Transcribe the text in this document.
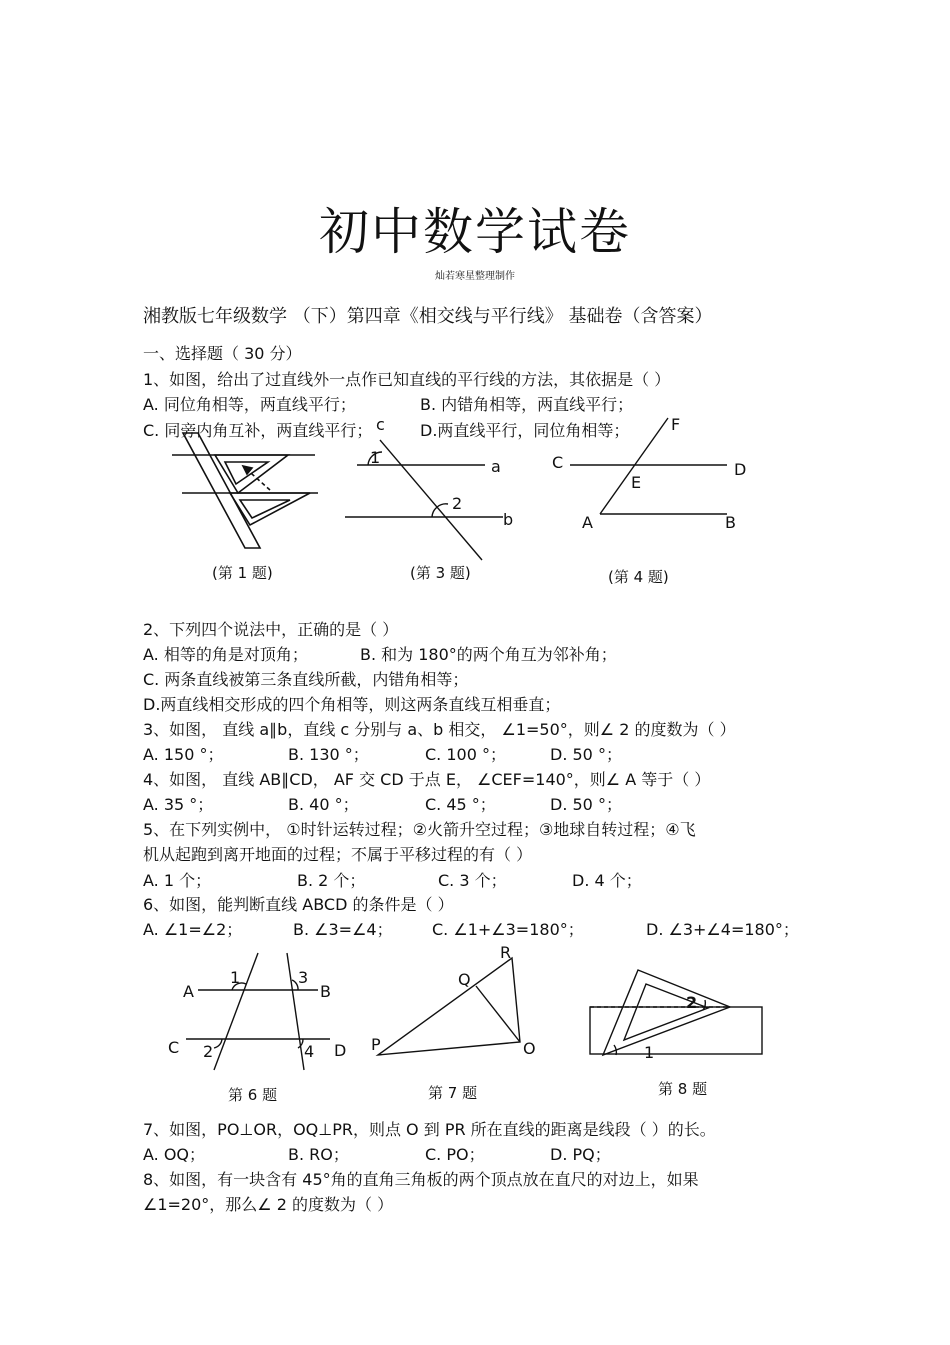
初中数学试卷
灿若寒星整理制作
湘教版七年级数学 （下）第四章《相交线与平行线》 基础卷（含答案）
一、选择题（ 30 分）
1、如图，给出了过直线外一点作已知直线的平行线的方法，其依据是（ ）
A. 同位角相等，两直线平行；	B. 内错角相等，两直线平行；
C. 同旁内角互补，两直线平行；	D.两直线平行，同位角相等；
(第 1 题)
c
1	a
2
b
(第 3 题)
F
C	D
E
A	B
(第 4 题)
2、下列四个说法中，正确的是（ ）
A. 相等的角是对顶角；	B. 和为 180°的两个角互为邻补角；
C. 两条直线被第三条直线所截，内错角相等；
D.两直线相交形成的四个角相等，则这两条直线互相垂直；
3、如图， 直线 a∥b，直线 c 分别与 a、b 相交， ∠1=50°，则∠ 2 的度数为（ ）
A. 150 °；	B. 130 °；	C. 100 °；	D. 50 °；
4、如图， 直线 AB∥CD， AF 交 CD 于点 E， ∠CEF=140°，则∠ A 等于（ ）
A. 35 °；	B. 40 °；	C. 45 °；	D. 50 °；
5、在下列实例中， ①时针运转过程；②火箭升空过程；③地球自转过程；④飞
机从起跑到离开地面的过程；不属于平移过程的有（ ）
A. 1 个；	B. 2 个；	C. 3 个；	D. 4 个；
6、如图，能判断直线 ABCD 的条件是（ ）
A. ∠1=∠2；	B. ∠3=∠4； C. ∠1+∠3=180°；	D. ∠3+∠4=180°；
1	3
A	B
C 2	4 D
第 6 题
R
Q
P	O
第 7 题
2
1
第 8 题
7、如图，PO⊥OR，OQ⊥PR，则点 O 到 PR 所在直线的距离是线段（ ）的长。
A. OQ；	B. RO；	C. PO；	D. PQ；
8、如图，有一块含有 45°角的直角三角板的两个顶点放在直尺的对边上，如果
∠1=20°，那么∠ 2 的度数为（ ）
